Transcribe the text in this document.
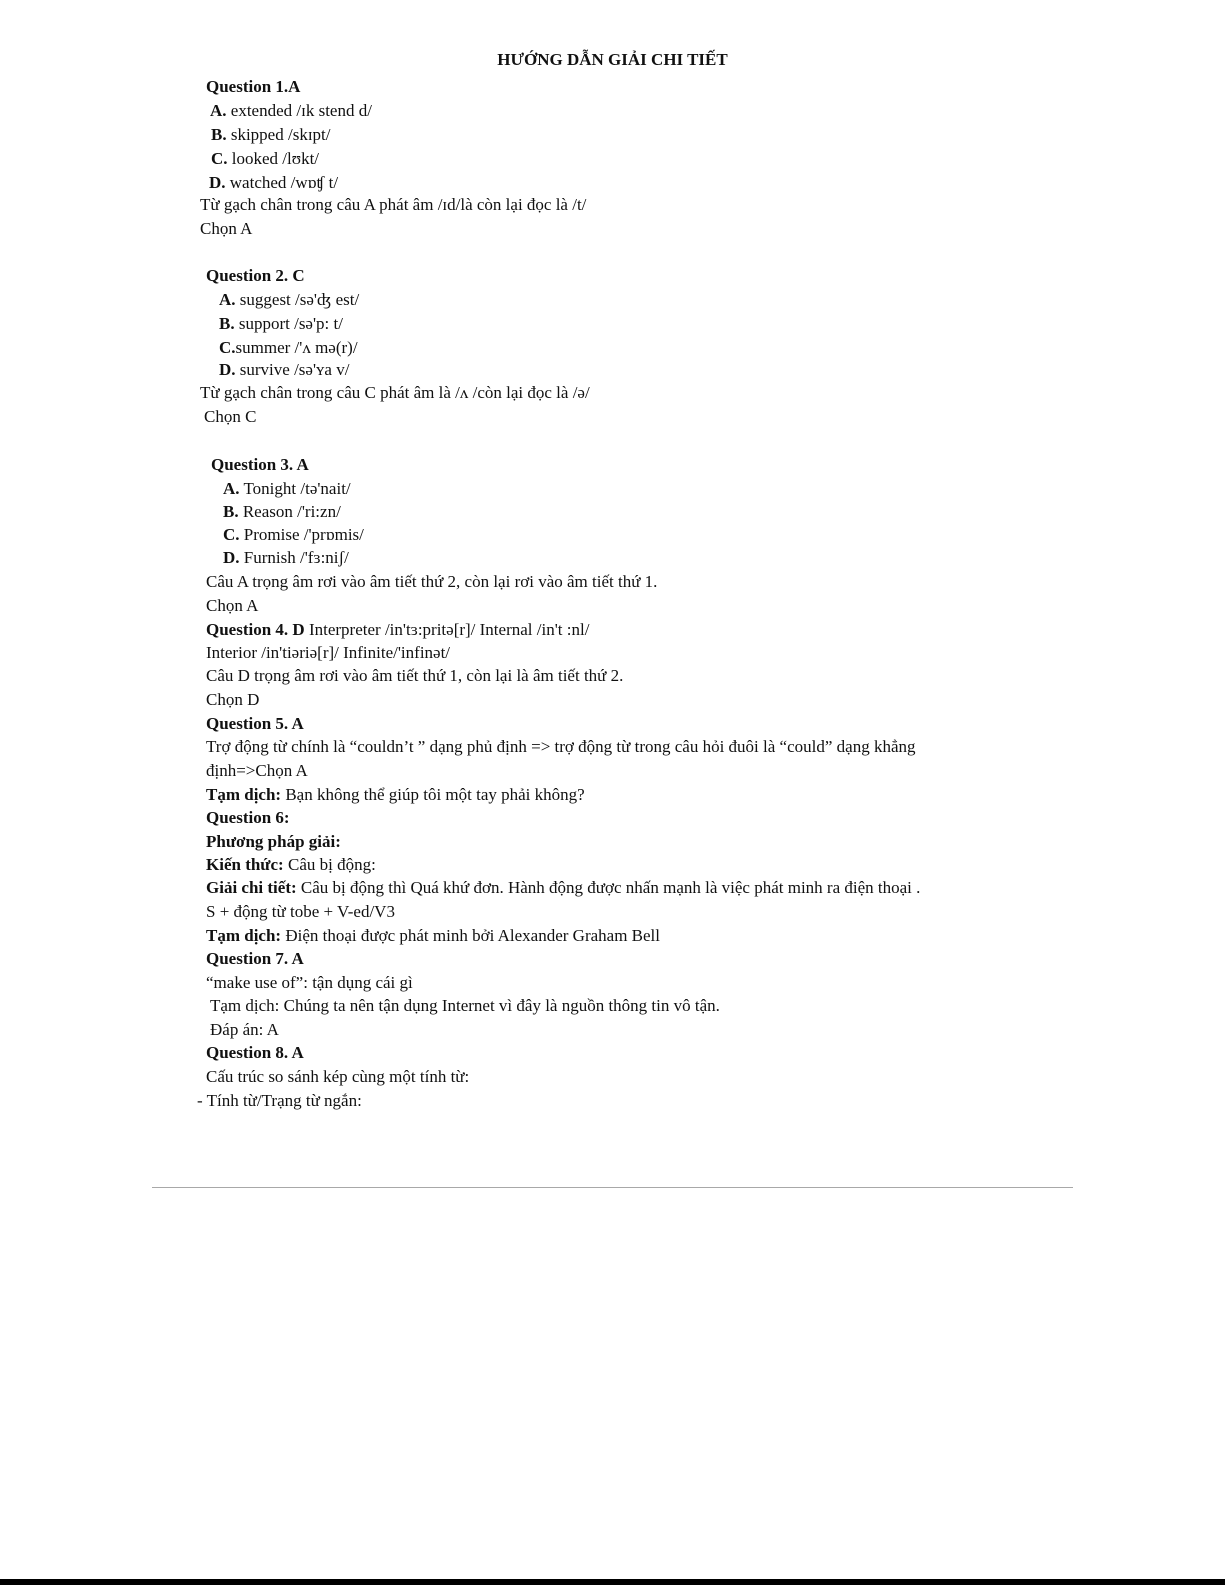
HƯỚNG DẪN GIẢI CHI TIẾT
Question 1.A
A. extended /ɪk stend d/
B. skipped /skɪpt/
C. looked /lʊkt/
D. watched /wɒʧ t/
Từ gạch chân trong câu A phát âm /ɪd/là còn lại đọc là /t/
Chọn A
Question 2. C
A. suggest /sə'ʤ est/
B. support /sə'p: t/
C.summer /'ʌ mə(r)/
D. survive /sə'ʏa v/
Từ gạch chân trong câu C phát âm là /ʌ /còn lại đọc là /ə/
Chọn C
Question 3. A
A. Tonight /tə'nait/
B. Reason /'ri:zn/
C. Promise /'prɒmis/
D. Furnish /'fɜ:niʃ/
Câu A trọng âm rơi vào âm tiết thứ 2, còn lại rơi vào âm tiết thứ 1.
Chọn A
Question 4. D Interpreter /in'tɜ:pritə[r]/ Internal /in't :nl/
Interior /in'tiəriə[r]/ Infinite/'infinət/
Câu D trọng âm rơi vào âm tiết thứ 1, còn lại là âm tiết thứ 2.
Chọn D
Question 5. A
Trợ động từ chính là “couldn’t ” dạng phủ định => trợ động từ trong câu hỏi đuôi là “could” dạng khẳng
định=>Chọn A
Tạm dịch: Bạn không thể giúp tôi một tay phải không?
Question 6:
Phương pháp giải:
Kiến thức: Câu bị động:
Giải chi tiết: Câu bị động thì Quá khứ đơn. Hành động được nhấn mạnh là việc phát minh ra điện thoại .
S + động từ tobe + V-ed/V3
Tạm dịch: Điện thoại được phát minh bởi Alexander Graham Bell
Question 7. A
“make use of”: tận dụng cái gì
Tạm dịch: Chúng ta nên tận dụng Internet vì đây là nguồn thông tin vô tận.
Đáp án: A
Question 8. A
Cấu trúc so sánh kép cùng một tính từ:
- Tính từ/Trạng từ ngắn:
